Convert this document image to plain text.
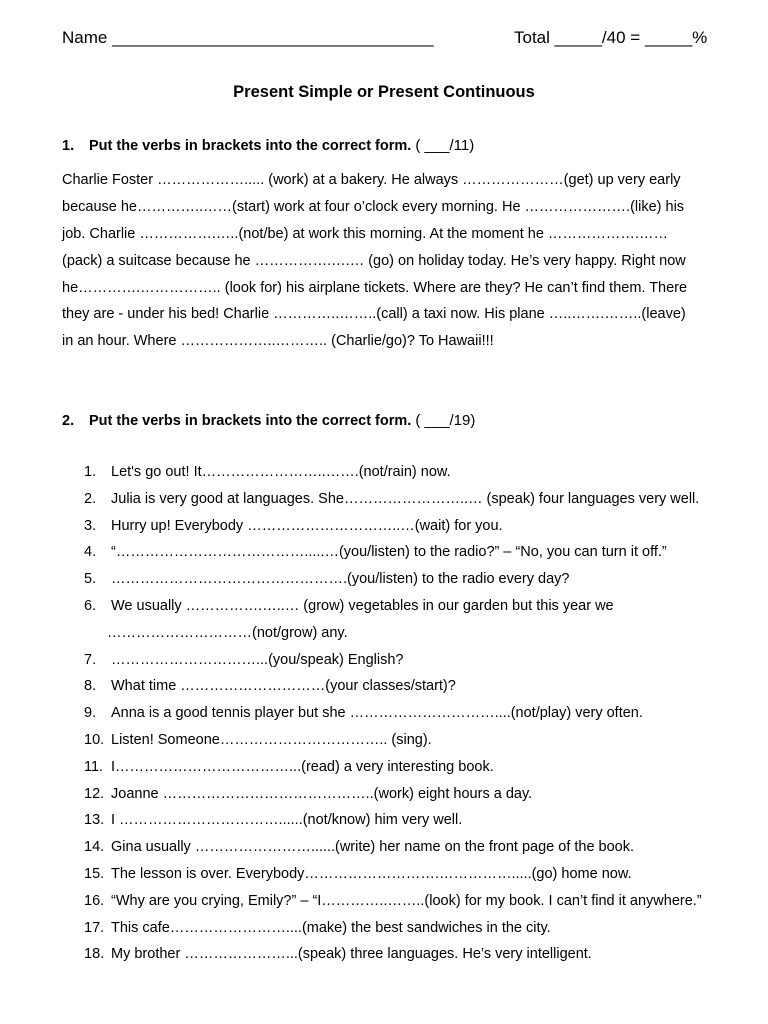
Name __________________________________	Total _____/40 = _____%
Present Simple or Present Continuous
1. Put the verbs in brackets into the correct form. ( ___/11)
Charlie Foster ………………..... (work) at a bakery. He always …………………(get) up very early
because he…………..……(start) work at four o’clock every morning. He ………………….(like) his
job. Charlie …………….…..(not/be) at work this morning. At the moment he ……………….……
(pack) a suitcase because he …………….….… (go) on holiday today. He’s very happy. Right now
he………….…………….. (look for) his airplane tickets. Where are they? He can’t find them. There
they are - under his bed! Charlie …………..……..(call) a taxi now. His plane …..…….……..(leave)
in an hour. Where ………………..……….. (Charlie/go)? To Hawaii!!!
2. Put the verbs in brackets into the correct form. ( ___/19)
1. Let's go out! It……………………..…….(not/rain) now.
2. Julia is very good at languages. She……………………..… (speak) four languages very well.
3. Hurry up! Everybody …………………………..…(wait) for you.
4. “………………………………….....…(you/listen) to the radio?” – “No, you can turn it off.”
5. ………………………………………….(you/listen) to the radio every day?
6. We usually …………….…..… (grow) vegetables in our garden but this year we
…………………………(not/grow) any.
7. …………………………...(you/speak) English?
8. What time …………………………(your classes/start)?
9. Anna is a good tennis player but she …………………………....(not/play) very often.
10. Listen! Someone…………………………….. (sing).
11. I………………………………...(read) a very interesting book.
12. Joanne ……………………………………..(work) eight hours a day.
13. I ……………………………......(not/know) him very well.
14. Gina usually ……………………......(write) her name on the front page of the book.
15. The lesson is over. Everybody……………………….…………….....(go) home now.
16. “Why are you crying, Emily?” – “I…………..……..(look) for my book. I can’t find it anywhere.”
17. This cafe……………………....(make) the best sandwiches in the city.
18. My brother …………………...(speak) three languages. He’s very intelligent.
